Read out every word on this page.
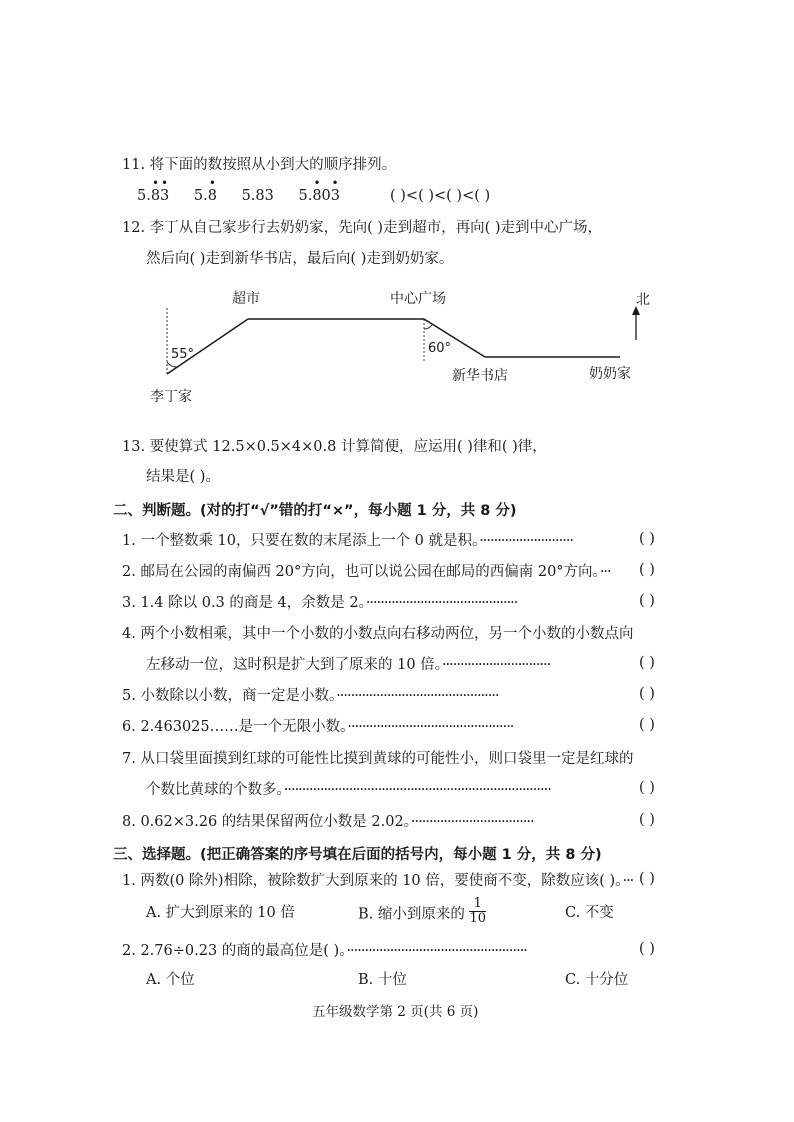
11. 将下面的数按照从小到大的顺序排列。
5.83
• •
5.8
•
5.83 5.803
• •
( )<( )<( )<( )
12. 李丁从自己家步行去奶奶家，先向( )走到超市，再向( )走到中心广场，
然后向( )走到新华书店，最后向( )走到奶奶家。
超市	中心广场	北
55°	60°
李丁家
新华书店	奶奶家
13. 要使算式 12.5×0.5×4×0.8 计算简便，应运用( )律和( )律，
结果是( )。
二、判断题。(对的打“√”错的打“×”，每小题 1 分，共 8 分)
1. 一个整数乘 10，只要在数的末尾添上一个 0 就是积。··························	( )
2. 邮局在公园的南偏西 20°方向，也可以说公园在邮局的西偏南 20°方向。··· ( )
3. 1.4 除以 0.3 的商是 4，余数是 2。··········································	( )
4. 两个小数相乘，其中一个小数的小数点向右移动两位，另一个小数的小数点向
左移动一位，这时积是扩大到了原来的 10 倍。······························	( )
5. 小数除以小数，商一定是小数。·············································	( )
6. 2.463025……是一个无限小数。··············································	( )
7. 从口袋里面摸到红球的可能性比摸到黄球的可能性小，则口袋里一定是红球的
个数比黄球的个数多。··········································································	( )
8. 0.62×3.26 的结果保留两位小数是 2.02。··································	( )
三、选择题。(把正确答案的序号填在后面的括号内，每小题 1 分，共 8 分)
1. 两数(0 除外)相除，被除数扩大到原来的 10 倍，要使商不变，除数应该( )。··· ( )
A. 扩大到原来的 10 倍	B. 缩小到原来的 $\frac{1}{10}$	C. 不变
2. 2.76÷0.23 的商的最高位是( )。··················································	( )
A. 个位	B. 十位	C. 十分位
五年级数学第 2 页(共 6 页)
